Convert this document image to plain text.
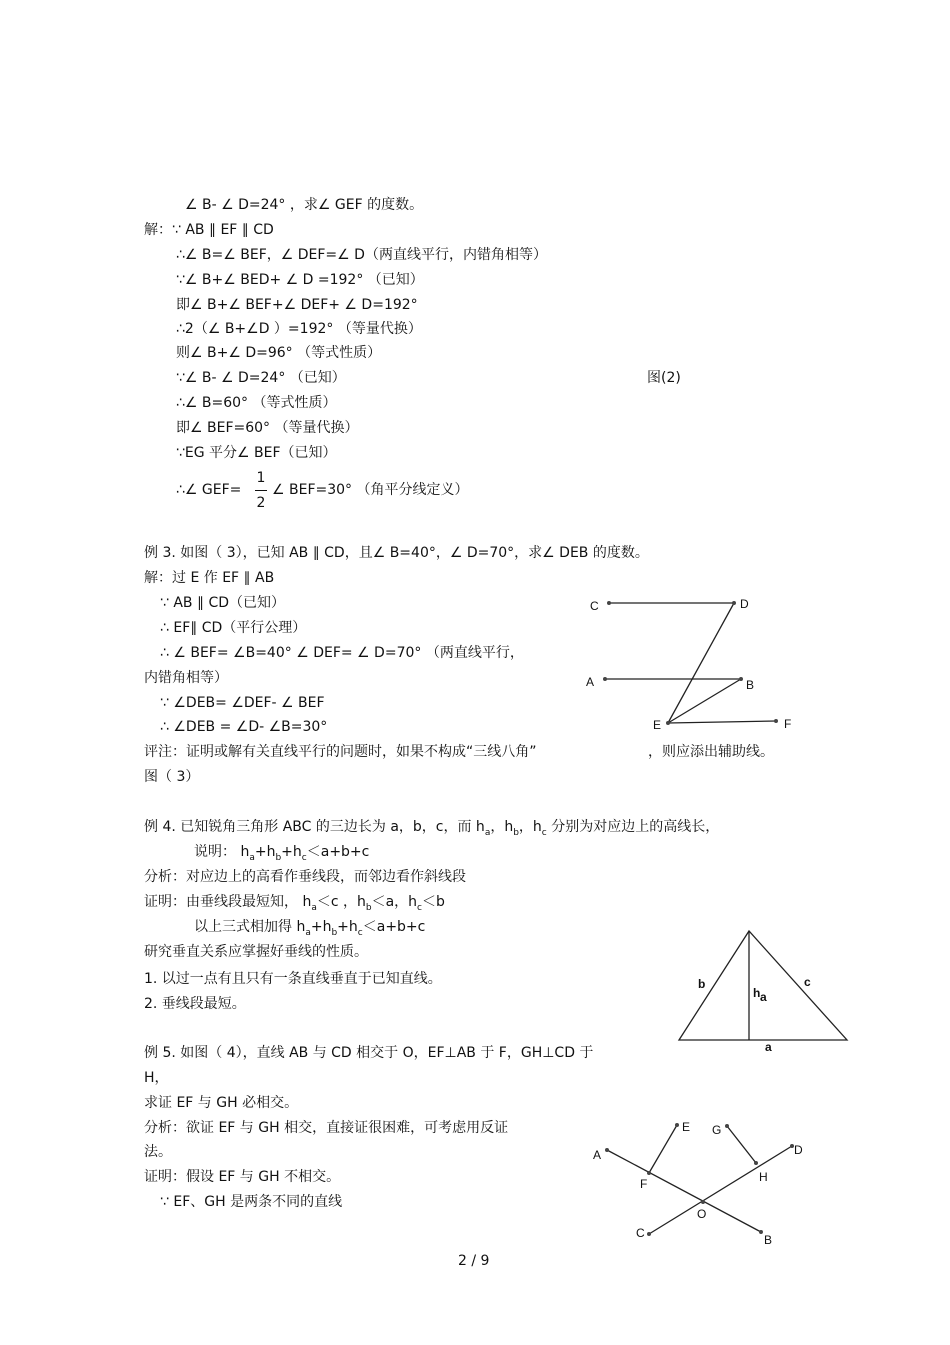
∠ B- ∠ D=24° ，求∠ GEF 的度数。
解：∵ AB ∥ EF ∥ CD
∴∠ B=∠ BEF，∠ DEF=∠ D（两直线平行，内错角相等）
∵∠ B+∠ BED+ ∠ D =192° （已知）
即∠ B+∠ BEF+∠ DEF+ ∠ D=192°
∴2（∠ B+∠D ）=192° （等量代换）
则∠ B+∠ D=96° （等式性质）
∵∠ B- ∠ D=24° （已知）	图(2)
∴∠ B=60° （等式性质）
即∠ BEF=60° （等量代换）
∵EG 平分∠ BEF（已知）
∴∠ GEF=
1
2
∠ BEF=30° （角平分线定义）
例 3. 如图（ 3），已知 AB ∥ CD，且∠ B=40°，∠ D=70°，求∠ DEB 的度数。
解：过 E 作 EF ∥ AB
∵ AB ∥ CD（已知）
∴ EF∥ CD（平行公理）
∴ ∠ BEF= ∠B=40° ∠ DEF= ∠ D=70° （两直线平行，
内错角相等）
∵ ∠DEB= ∠DEF- ∠ BEF
∴ ∠DEB = ∠D- ∠B=30°
评注：证明或解有关直线平行的问题时，如果不构成“三线八角”	，则应添出辅助线。
图（ 3）
C	D
A	B
E	F
例 4. 已知锐角三角形 ABC 的三边长为 a，b，c，而 $h_a$，$h_b$，$h_c$ 分别为对应边上的高线长，
说明： $h_a+h_b+h_c<a+b+c$
分析：对应边上的高看作垂线段，而邻边看作斜线段
证明：由垂线段最短知， $h_a<c$ ，$h_b<a$，$h_c<b$
以上三式相加得 $h_a+h_b+h_c<a+b+c$
研究垂直关系应掌握好垂线的性质。
1. 以过一点有且只有一条直线垂直于已知直线。
2. 垂线段最短。
b	c
h a
a
例 5. 如图（ 4），直线 AB 与 CD 相交于 O，EF⊥AB 于 F，GH⊥CD 于
H，
求证 EF 与 GH 必相交。
分析：欲证 EF 与 GH 相交，直接证很困难，可考虑用反证
法。
证明：假设 EF 与 GH 不相交。
∵ EF、GH 是两条不同的直线
A
B
C
D
E
F
G
H
O
2 / 9
